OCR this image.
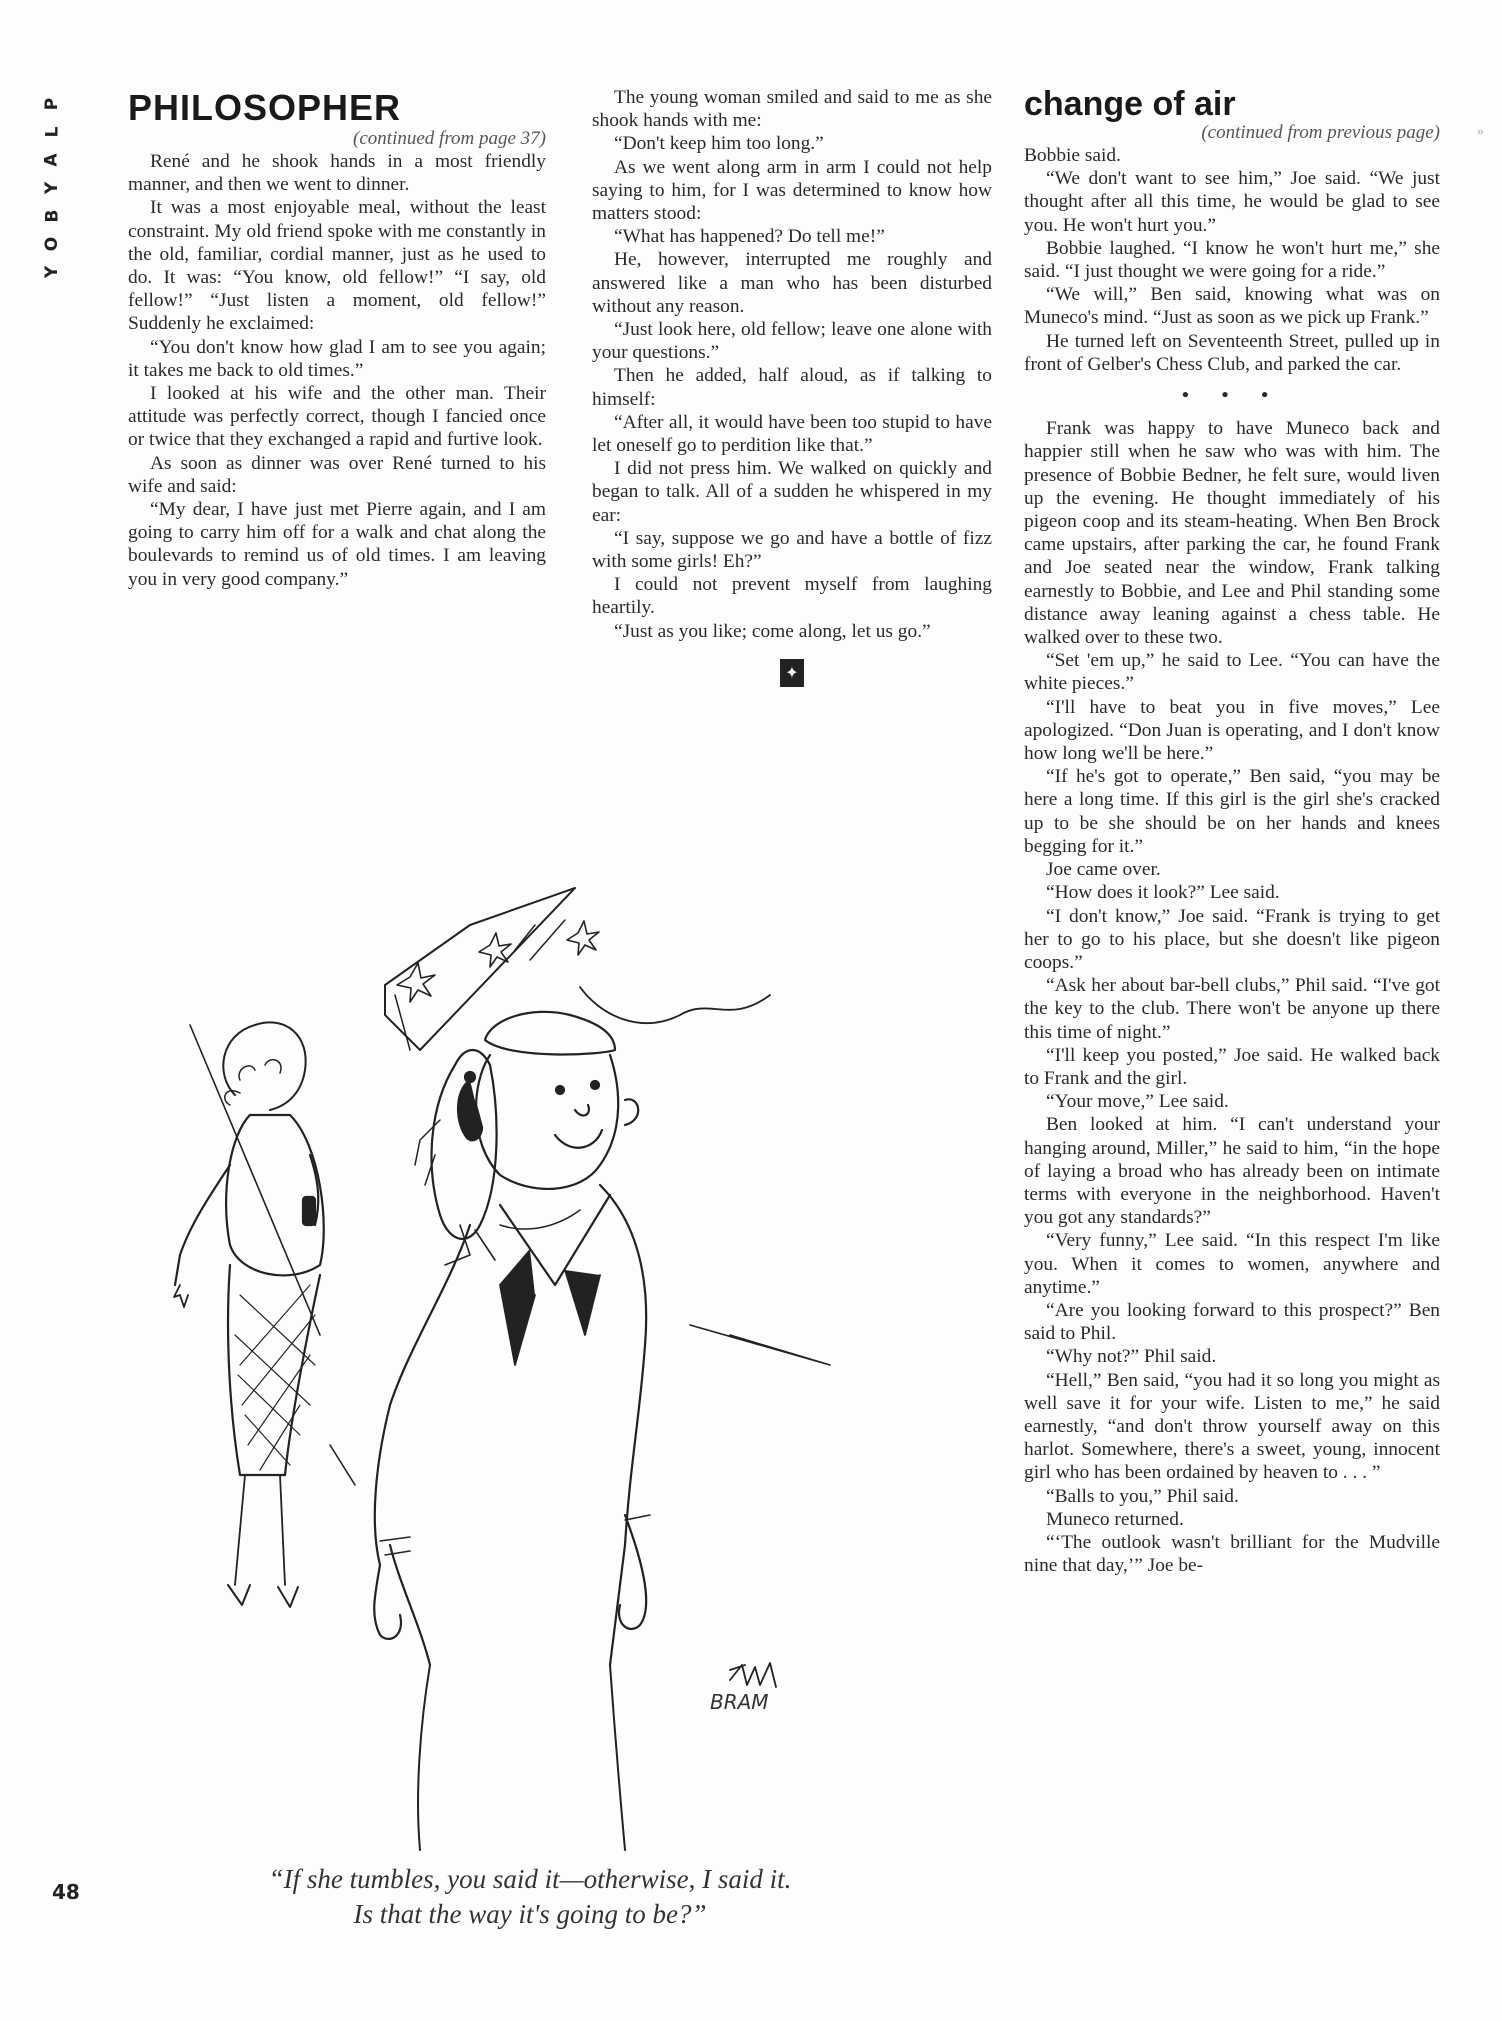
P
L
A
Y
B
O
Y
PHILOSOPHER
(continued from page 37)

René and he shook hands in a most friendly manner, and then we went to dinner.

It was a most enjoyable meal, without the least constraint. My old friend spoke with me constantly in the old, familiar, cordial manner, just as he used to do. It was: “You know, old fellow!” “I say, old fellow!” “Just listen a moment, old fellow!” Suddenly he exclaimed:

“You don't know how glad I am to see you again; it takes me back to old times.”

I looked at his wife and the other man. Their attitude was perfectly correct, though I fancied once or twice that they exchanged a rapid and furtive look.

As soon as dinner was over René turned to his wife and said:

“My dear, I have just met Pierre again, and I am going to carry him off for a walk and chat along the boulevards to remind us of old times. I am leaving you in very good company.”

The young woman smiled and said to me as she shook hands with me:

“Don't keep him too long.”

As we went along arm in arm I could not help saying to him, for I was determined to know how matters stood:

“What has happened? Do tell me!”

He, however, interrupted me roughly and answered like a man who has been disturbed without any reason.

“Just look here, old fellow; leave one alone with your questions.”

Then he added, half aloud, as if talking to himself:

“After all, it would have been too stupid to have let oneself go to perdition like that.”

I did not press him. We walked on quickly and began to talk. All of a sudden he whispered in my ear:

“I say, suppose we go and have a bottle of fizz with some girls! Eh?”

I could not prevent myself from laughing heartily.

“Just as you like; come along, let us go.”

✦
change of air
(continued from previous page)

Bobbie said.

“We don't want to see him,” Joe said. “We just thought after all this time, he would be glad to see you. He won't hurt you.”

Bobbie laughed. “I know he won't hurt me,” she said. “I just thought we were going for a ride.”

“We will,” Ben said, knowing what was on Muneco's mind. “Just as soon as we pick up Frank.”

He turned left on Seventeenth Street, pulled up in front of Gelber's Chess Club, and parked the car.

• • •

Frank was happy to have Muneco back and happier still when he saw who was with him. The presence of Bobbie Bedner, he felt sure, would liven up the evening. He thought immediately of his pigeon coop and its steam-heating. When Ben Brock came upstairs, after parking the car, he found Frank and Joe seated near the window, Frank talking earnestly to Bobbie, and Lee and Phil standing some distance away leaning against a chess table. He walked over to these two.

“Set 'em up,” he said to Lee. “You can have the white pieces.”

“I'll have to beat you in five moves,” Lee apologized. “Don Juan is operating, and I don't know how long we'll be here.”

“If he's got to operate,” Ben said, “you may be here a long time. If this girl is the girl she's cracked up to be she should be on her hands and knees begging for it.”

Joe came over.

“How does it look?” Lee said.

“I don't know,” Joe said. “Frank is trying to get her to go to his place, but she doesn't like pigeon coops.”

“Ask her about bar-bell clubs,” Phil said. “I've got the key to the club. There won't be anyone up there this time of night.”

“I'll keep you posted,” Joe said. He walked back to Frank and the girl.

“Your move,” Lee said.

Ben looked at him. “I can't understand your hanging around, Miller,” he said to him, “in the hope of laying a broad who has already been on intimate terms with everyone in the neighborhood. Haven't you got any standards?”

“Very funny,” Lee said. “In this respect I'm like you. When it comes to women, anywhere and anytime.”

“Are you looking forward to this prospect?” Ben said to Phil.

“Why not?” Phil said.

“Hell,” Ben said, “you had it so long you might as well save it for your wife. Listen to me,” he said earnestly, “and don't throw yourself away on this harlot. Somewhere, there's a sweet, young, innocent girl who has been ordained by heaven to . . . ”

“Balls to you,” Phil said.

Muneco returned.

“‘The outlook wasn't brilliant for the Mudville nine that day,’” Joe be-

»
BRAM
“If she tumbles, you said it—otherwise, I said it.
Is that the way it's going to be?”
48
